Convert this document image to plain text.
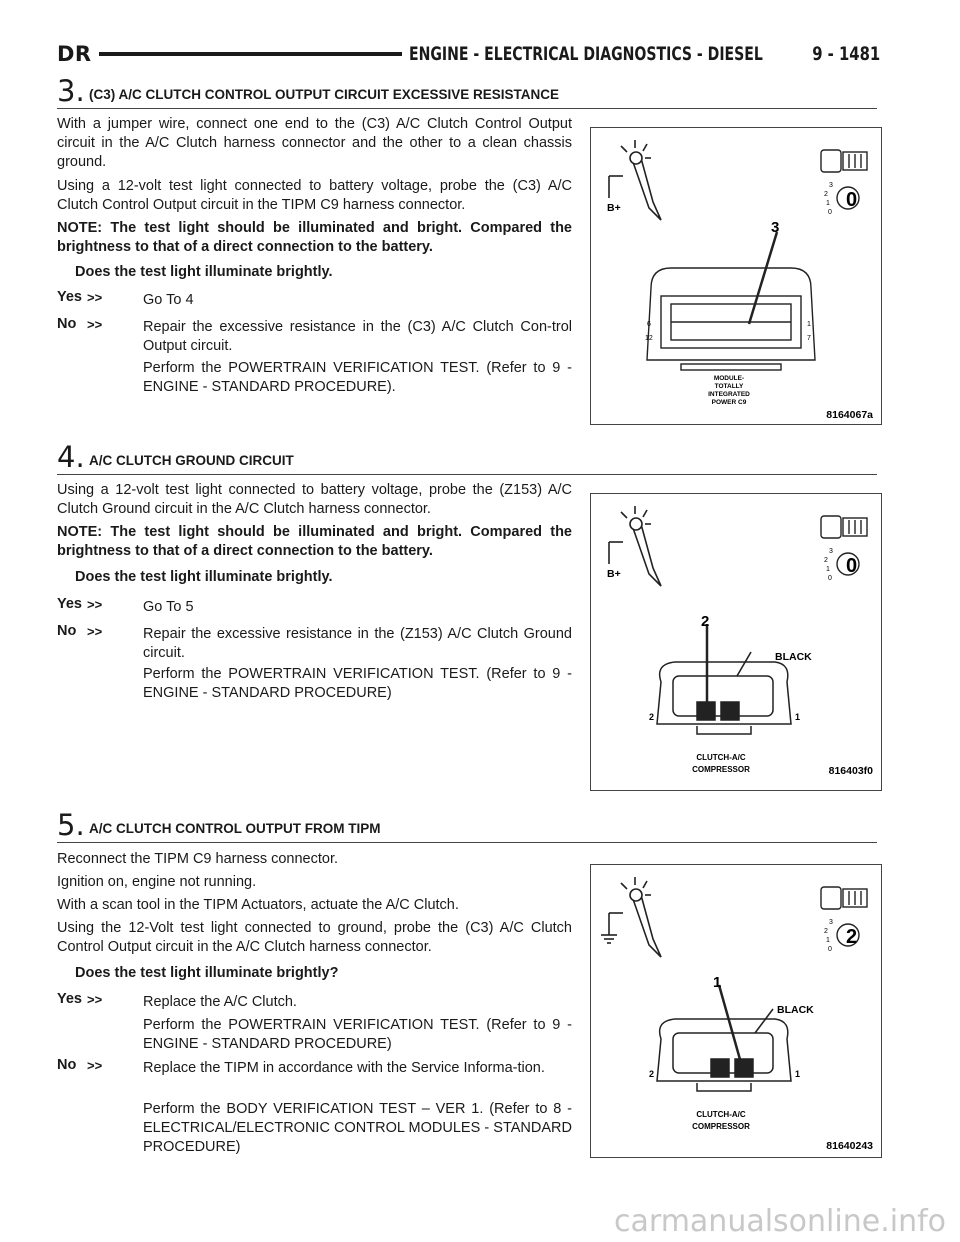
DR	ENGINE - ELECTRICAL DIAGNOSTICS - DIESEL	9 - 1481
3. (C3) A/C CLUTCH CONTROL OUTPUT CIRCUIT EXCESSIVE RESISTANCE
With a jumper wire, connect one end to the (C3) A/C Clutch Control Output circuit in the A/C Clutch harness connector and the other to a clean chassis ground.
Using a 12-volt test light connected to battery voltage, probe the (C3) A/C Clutch Control Output circuit in the TIPM C9 harness connector.
NOTE: The test light should be illuminated and bright. Compared the brightness to that of a direct connection to the battery.
Does the test light illuminate brightly.
Yes >>	Go To 4
No >>	Repair the excessive resistance in the (C3) A/C Clutch Con-trol Output circuit.
Perform the POWERTRAIN VERIFICATION TEST. (Refer to 9 - ENGINE - STANDARD PROCEDURE).
B+
3
2
1
0
0
3
6
12
1
7
MODULE-
TOTALLY
INTEGRATED
POWER C9
8164067a
4. A/C CLUTCH GROUND CIRCUIT
Using a 12-volt test light connected to battery voltage, probe the (Z153) A/C Clutch Ground circuit in the A/C Clutch harness connector.
NOTE: The test light should be illuminated and bright. Compared the brightness to that of a direct connection to the battery.
Does the test light illuminate brightly.
Yes >>	Go To 5
No >>	Repair the excessive resistance in the (Z153) A/C Clutch Ground circuit.
Perform the POWERTRAIN VERIFICATION TEST. (Refer to 9 - ENGINE - STANDARD PROCEDURE)
B+
3
2
1
0
0
2
BLACK
2	1
CLUTCH-A/C
COMPRESSOR	816403f0
5. A/C CLUTCH CONTROL OUTPUT FROM TIPM
Reconnect the TIPM C9 harness connector.
Ignition on, engine not running.
With a scan tool in the TIPM Actuators, actuate the A/C Clutch.
Using the 12-Volt test light connected to ground, probe the (C3) A/C Clutch Control Output circuit in the A/C Clutch harness connector.
Does the test light illuminate brightly?
Yes >>	Replace the A/C Clutch.
Perform the POWERTRAIN VERIFICATION TEST. (Refer to 9 - ENGINE - STANDARD PROCEDURE)
No >>	Replace the TIPM in accordance with the Service Informa-tion.
Perform the BODY VERIFICATION TEST – VER 1. (Refer to 8 - ELECTRICAL/ELECTRONIC CONTROL MODULES - STANDARD PROCEDURE)
3
2
1
0
2
1
BLACK
2	1
CLUTCH-A/C
COMPRESSOR
81640243
carmanualsonline.info
